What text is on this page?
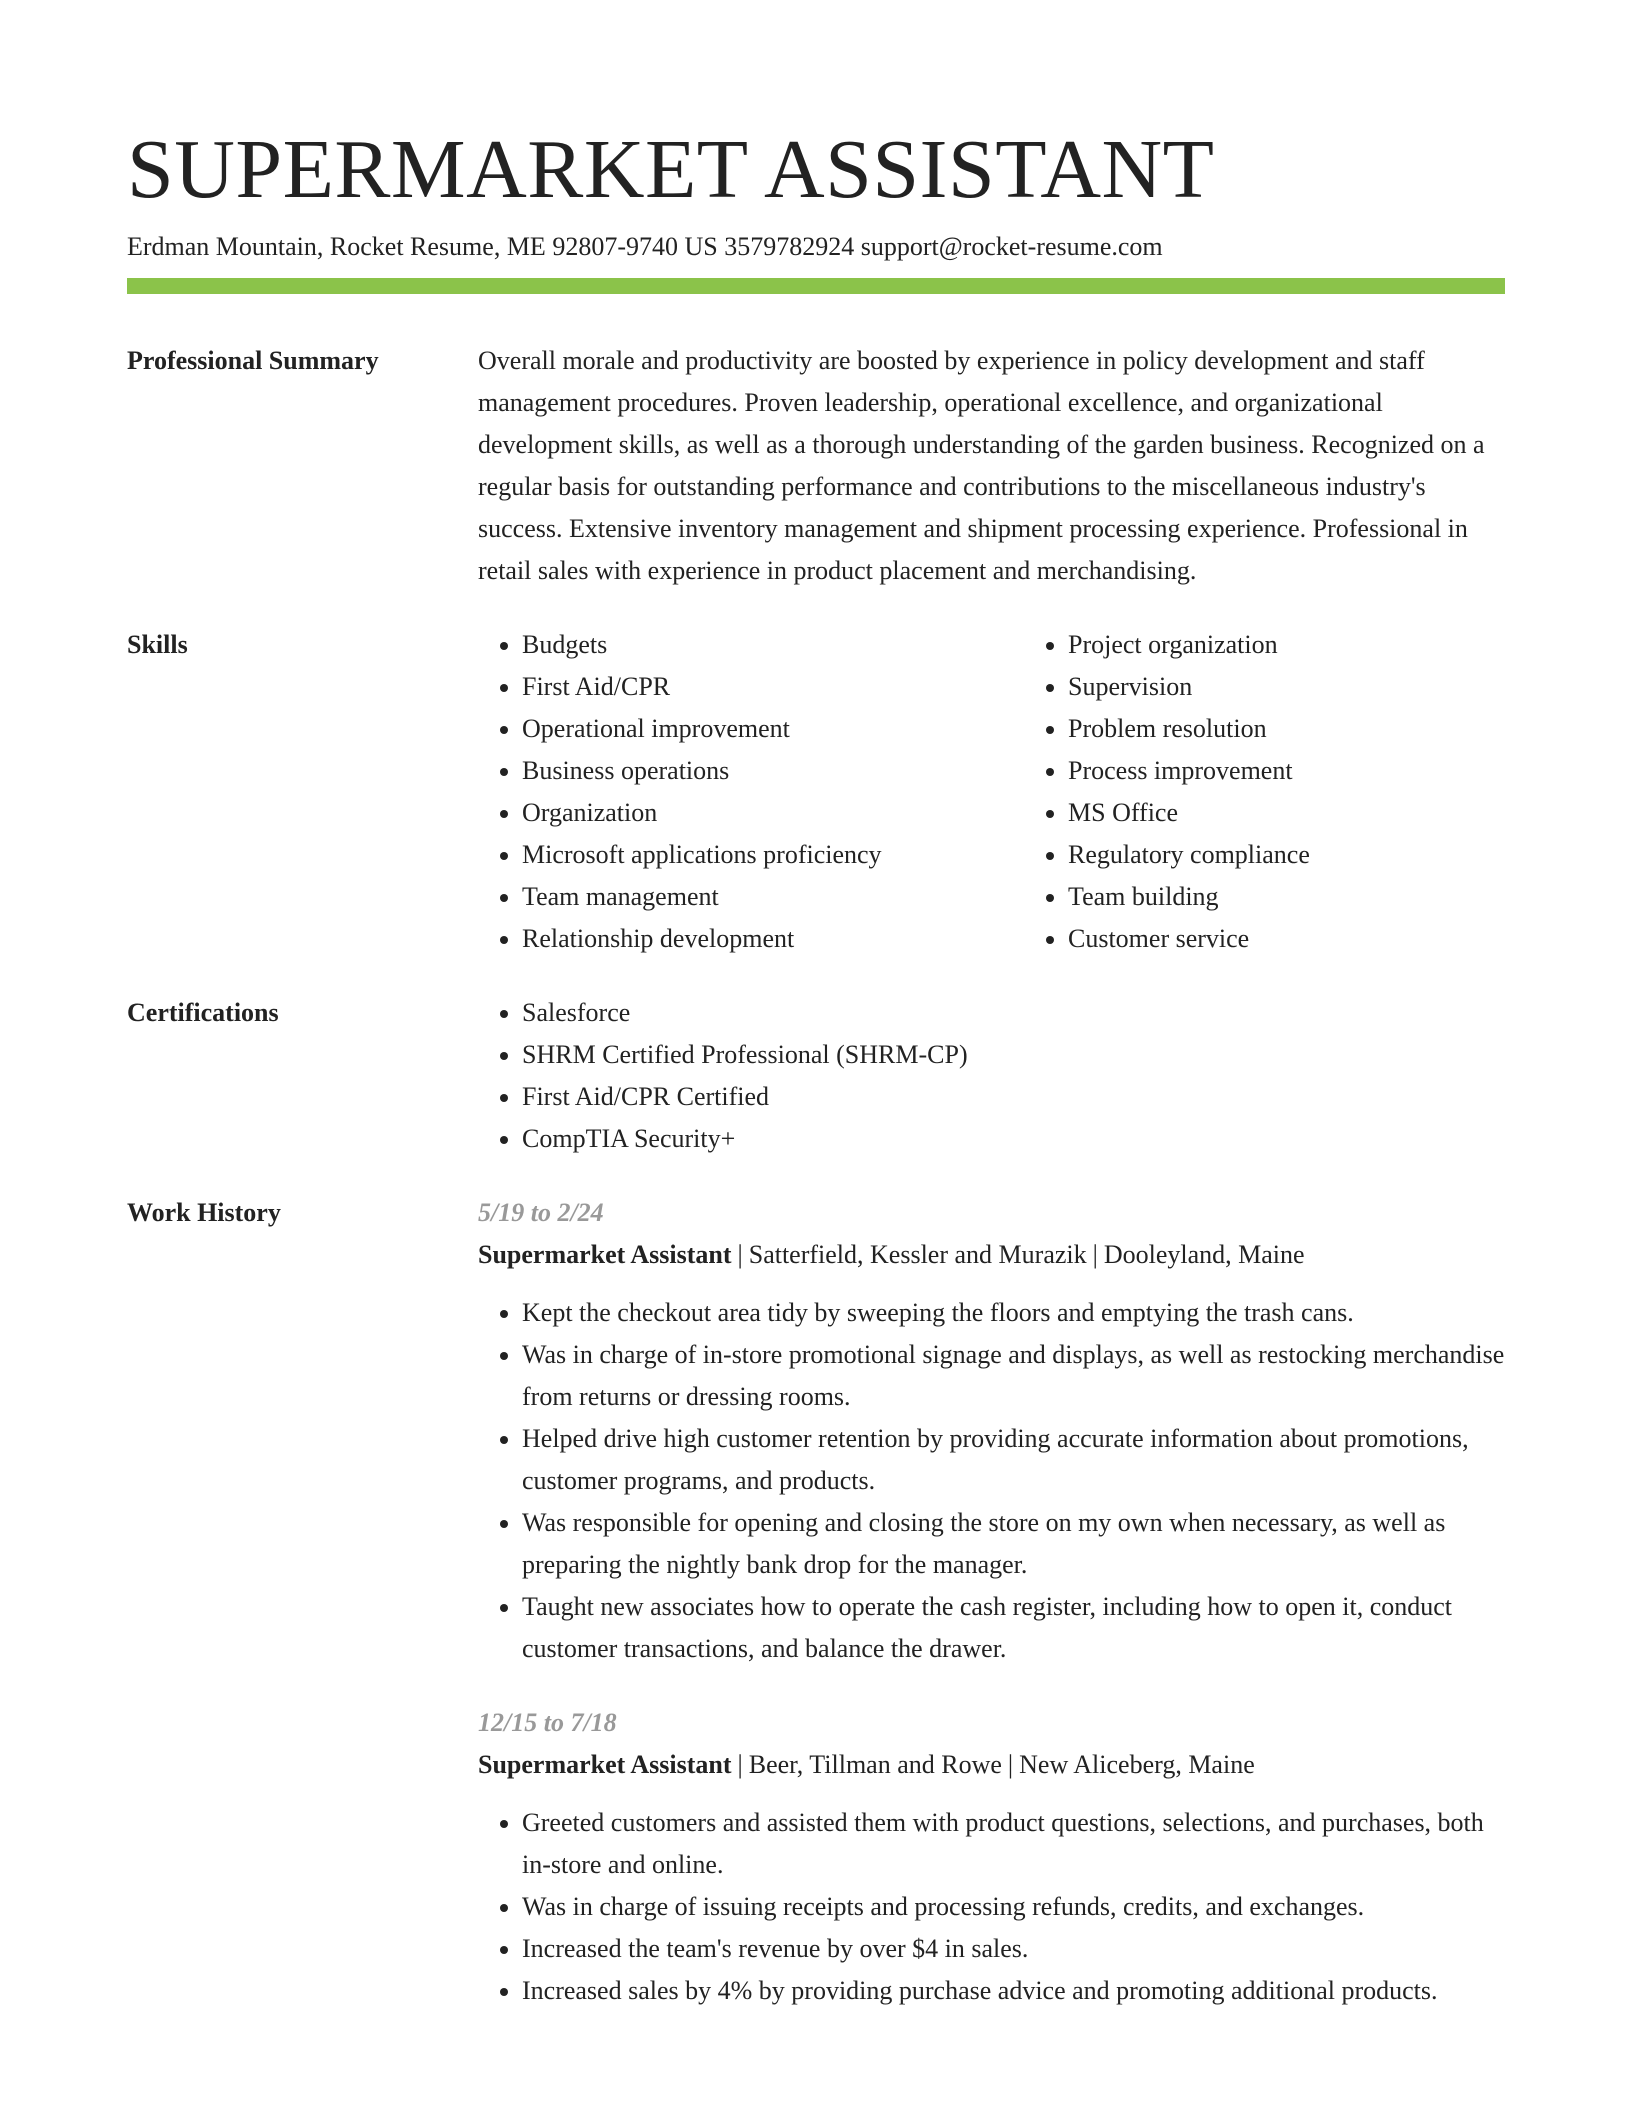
SUPERMARKET ASSISTANT
Erdman Mountain, Rocket Resume, ME 92807-9740 US 3579782924 support@rocket-resume.com
Professional Summary	Overall morale and productivity are boosted by experience in policy development and staff management procedures. Proven leadership, operational excellence, and organizational development skills, as well as a thorough understanding of the garden business. Recognized on a regular basis for outstanding performance and contributions to the miscellaneous industry's success. Extensive inventory management and shipment processing experience. Professional in retail sales with experience in product placement and merchandising.

Skills	• Budgets
• First Aid/CPR
• Operational improvement
• Business operations
• Organization
• Microsoft applications proficiency
• Team management
• Relationship development
• Project organization
• Supervision
• Problem resolution
• Process improvement
• MS Office
• Regulatory compliance
• Team building
• Customer service
Certifications	• Salesforce
• SHRM Certified Professional (SHRM-CP)
• First Aid/CPR Certified
• CompTIA Security+
Work History	5/19 to 2/24
Supermarket Assistant | Satterfield, Kessler and Murazik | Dooleyland, Maine
• Kept the checkout area tidy by sweeping the floors and emptying the trash cans.
• Was in charge of in-store promotional signage and displays, as well as restocking merchandise from returns or dressing rooms.
• Helped drive high customer retention by providing accurate information about promotions, customer programs, and products.
• Was responsible for opening and closing the store on my own when necessary, as well as preparing the nightly bank drop for the manager.
• Taught new associates how to operate the cash register, including how to open it, conduct customer transactions, and balance the drawer.
12/15 to 7/18
Supermarket Assistant | Beer, Tillman and Rowe | New Aliceberg, Maine
• Greeted customers and assisted them with product questions, selections, and purchases, both in-store and online.
• Was in charge of issuing receipts and processing refunds, credits, and exchanges.
• Increased the team's revenue by over $4 in sales.
• Increased sales by 4% by providing purchase advice and promoting additional products.
